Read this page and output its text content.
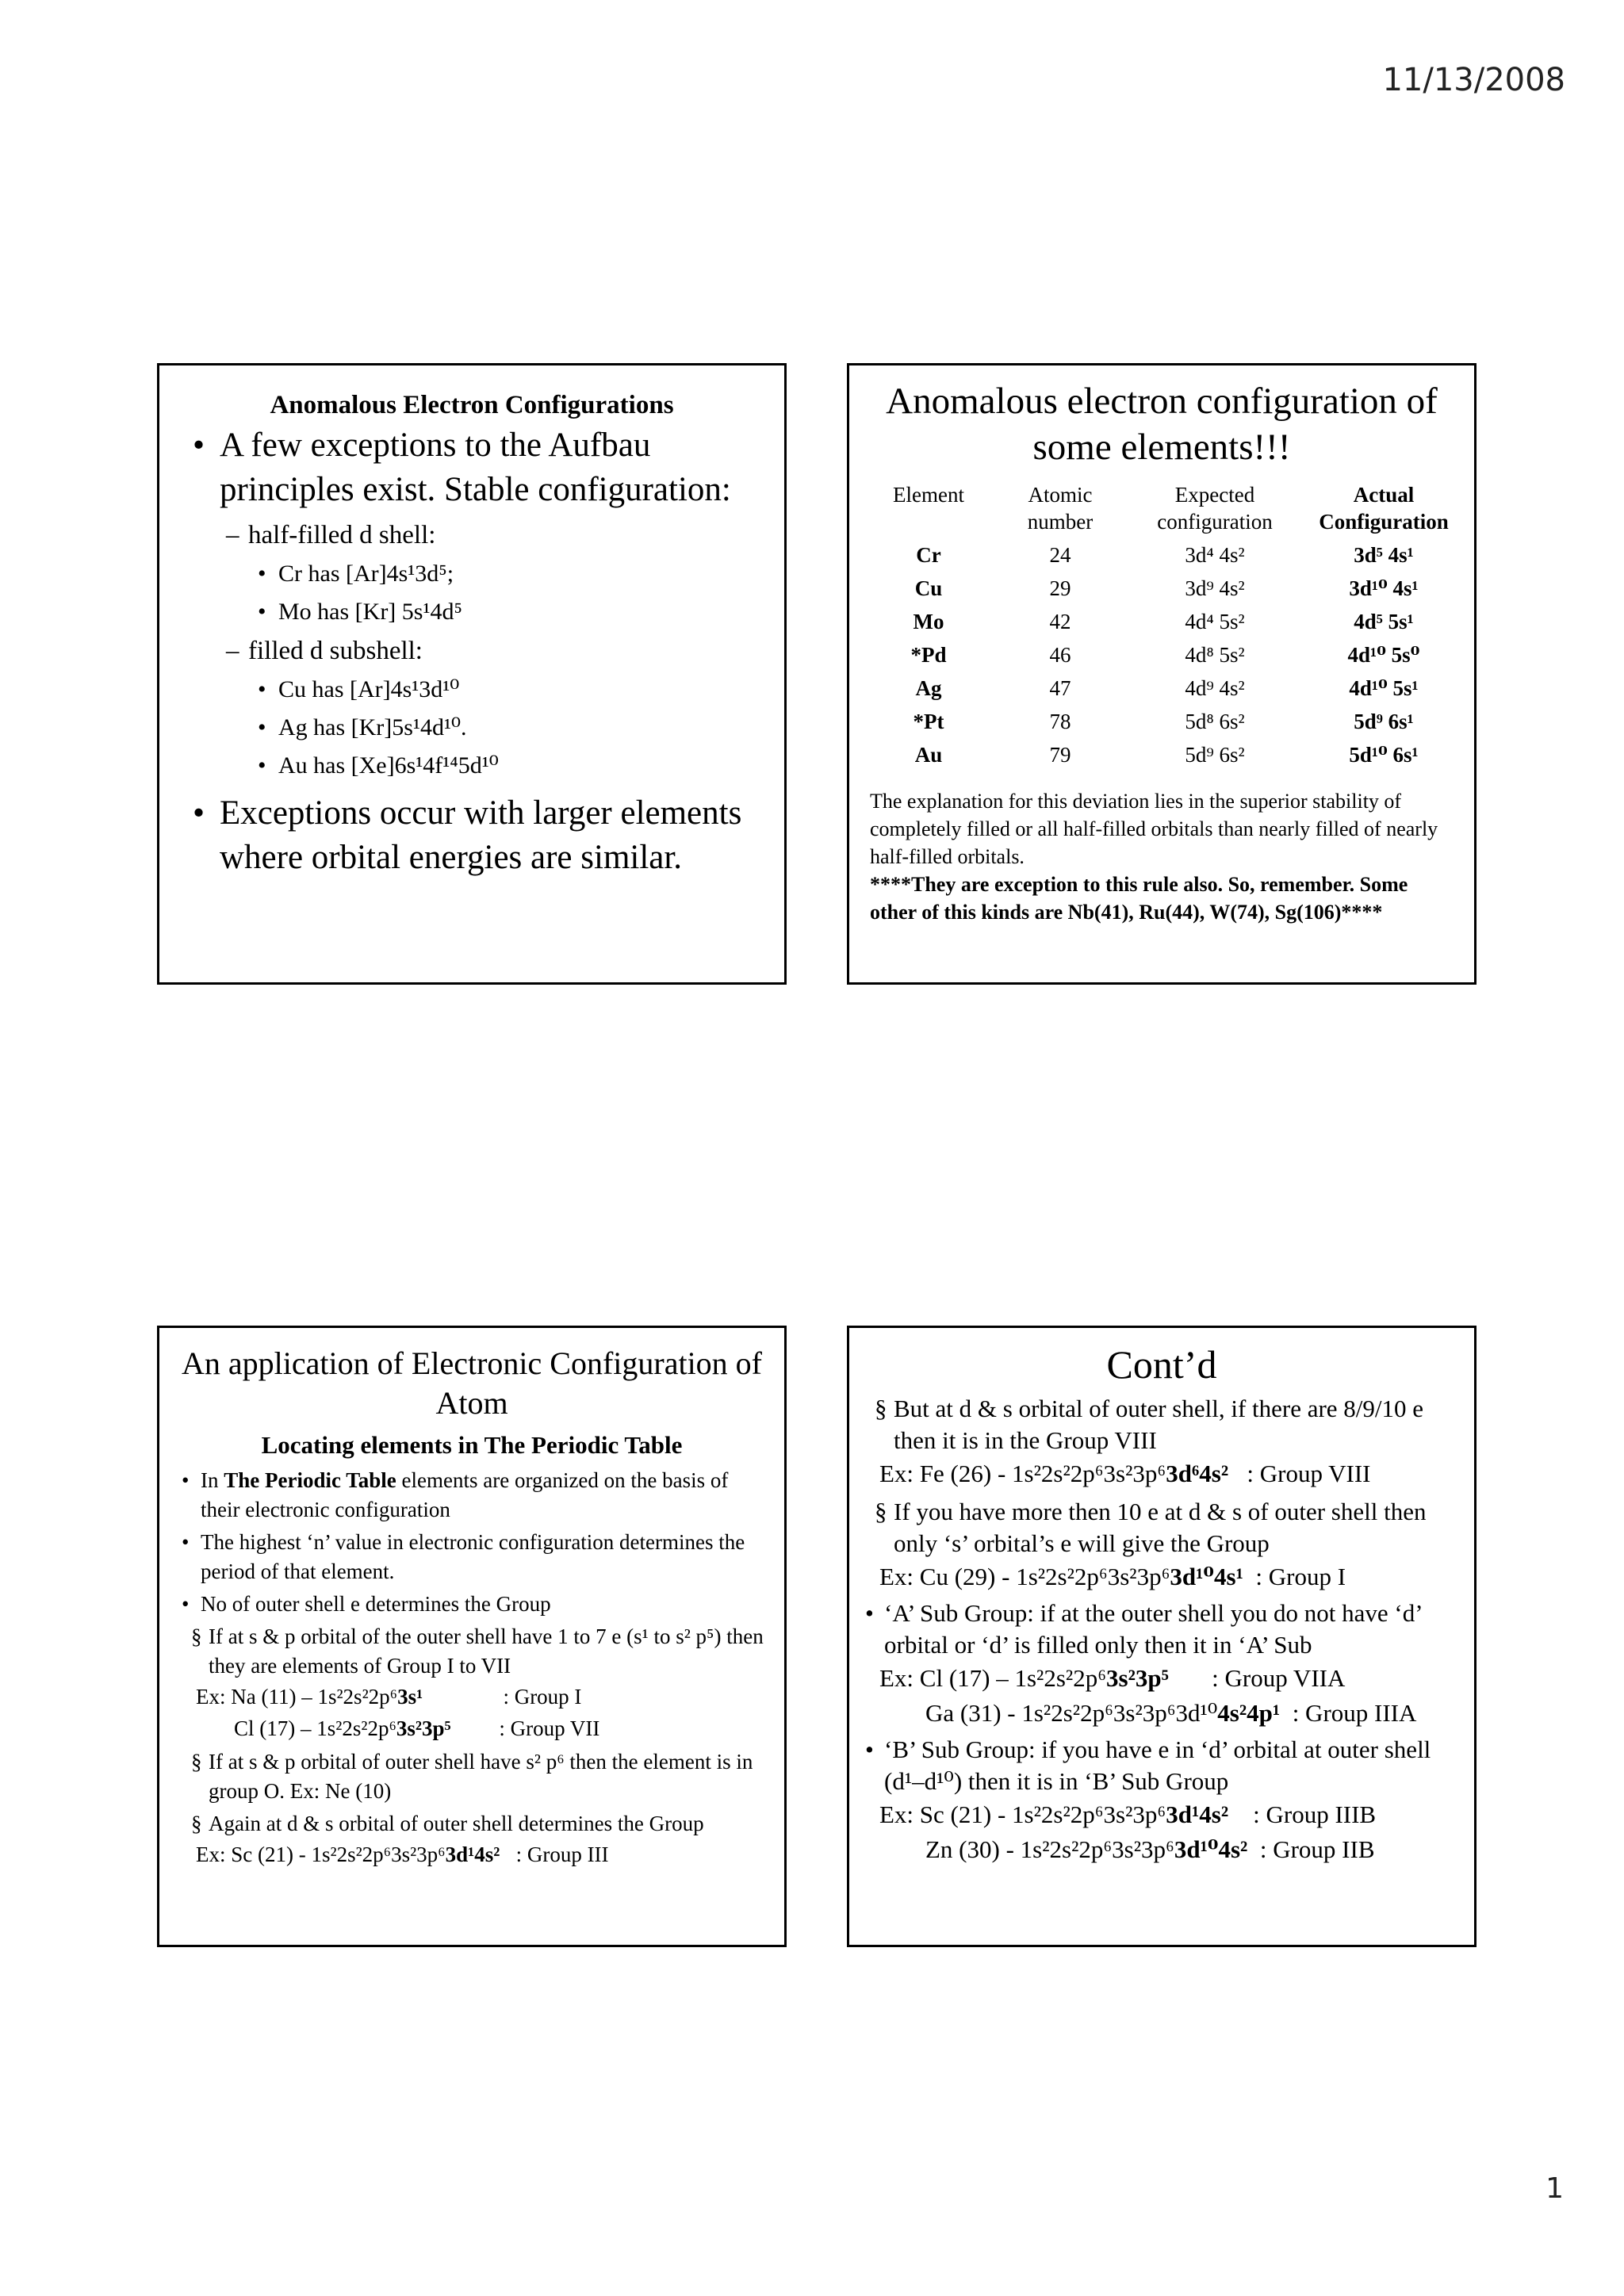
11/13/2008
Anomalous Electron Configurations
• A few exceptions to the Aufbau principles exist. Stable configuration:
– half-filled d shell:
• Cr has [Ar]4s¹3d⁵;
• Mo has [Kr] 5s¹4d⁵
– filled d subshell:
• Cu has [Ar]4s¹3d¹⁰
• Ag has [Kr]5s¹4d¹⁰.
• Au has [Xe]6s¹4f¹⁴5d¹⁰
• Exceptions occur with larger elements where orbital energies are similar.
Anomalous electron configuration of some elements!!!
Element	Atomic number	Expected configuration	Actual Configuration
Cr	24	3d⁴ 4s²	3d⁵ 4s¹
Cu	29	3d⁹ 4s²	3d¹⁰ 4s¹
Mo	42	4d⁴ 5s²	4d⁵ 5s¹
*Pd	46	4d⁸ 5s²	4d¹⁰ 5s⁰
Ag	47	4d⁹ 4s²	4d¹⁰ 5s¹
*Pt	78	5d⁸ 6s²	5d⁹ 6s¹
Au	79	5d⁹ 6s²	5d¹⁰ 6s¹
The explanation for this deviation lies in the superior stability of completely filled or all half-filled orbitals than nearly filled of nearly half-filled orbitals.
****They are exception to this rule also. So, remember. Some other of this kinds are Nb(41), Ru(44), W(74), Sg(106)****
An application of Electronic Configuration of Atom
Locating elements in The Periodic Table
• In The Periodic Table elements are organized on the basis of their electronic configuration
• The highest ‘n’ value in electronic configuration determines the period of that element.
• No of outer shell e determines the Group
§ If at s & p orbital of the outer shell have 1 to 7 e (s¹ to s² p⁵) then they are elements of Group I to VII
Ex: Na (11) – 1s²2s²2p⁶3s¹               : Group I
Cl (17) – 1s²2s²2p⁶3s²3p⁵         : Group VII
§ If at s & p orbital of outer shell have s² p⁶ then the element is in group O. Ex: Ne (10)
§ Again at d & s orbital of outer shell determines the Group
Ex: Sc (21) - 1s²2s²2p⁶3s²3p⁶3d¹4s²   : Group III
Cont’d
§ But at d & s orbital of outer shell, if there are 8/9/10 e then it is in the Group VIII
Ex: Fe (26) - 1s²2s²2p⁶3s²3p⁶3d⁶4s²   : Group VIII
§ If you have more then 10 e at d & s of outer shell then only ‘s’ orbital’s e will give the Group
Ex: Cu (29) - 1s²2s²2p⁶3s²3p⁶3d¹⁰4s¹  : Group I
• ‘A’ Sub Group: if at the outer shell you do not have ‘d’ orbital or ‘d’ is filled only then it in ‘A’ Sub
Ex: Cl (17) – 1s²2s²2p⁶3s²3p⁵       : Group VIIA
Ga (31) - 1s²2s²2p⁶3s²3p⁶3d¹⁰4s²4p¹  : Group IIIA
• ‘B’ Sub Group: if you have e in ‘d’ orbital at outer shell (d¹–d¹⁰) then it is in ‘B’ Sub Group
Ex: Sc (21) - 1s²2s²2p⁶3s²3p⁶3d¹4s²    : Group IIIB
Zn (30) - 1s²2s²2p⁶3s²3p⁶3d¹⁰4s²  : Group IIB
1
